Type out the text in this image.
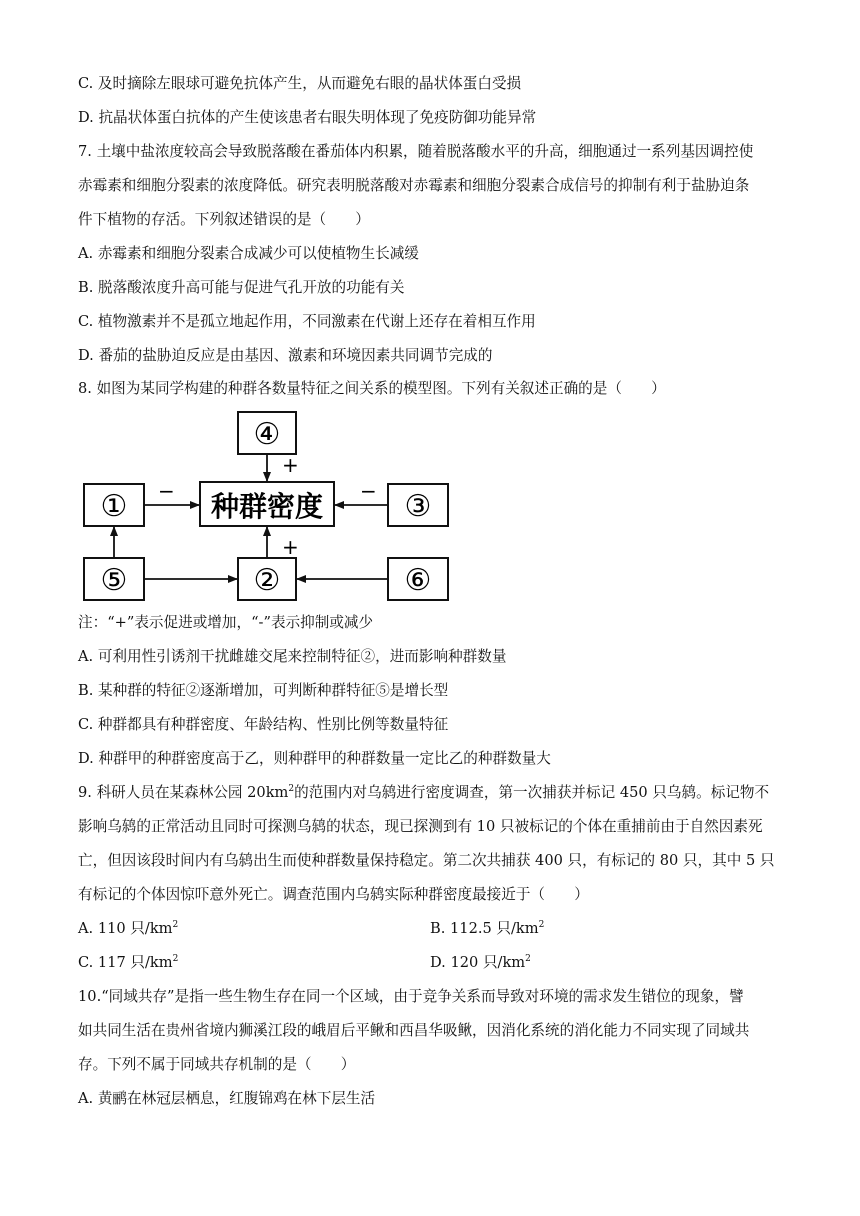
C. 及时摘除左眼球可避免抗体产生，从而避免右眼的晶状体蛋白受损
D. 抗晶状体蛋白抗体的产生使该患者右眼失明体现了免疫防御功能异常
7. 土壤中盐浓度较高会导致脱落酸在番茄体内积累，随着脱落酸水平的升高，细胞通过一系列基因调控使
赤霉素和细胞分裂素的浓度降低。研究表明脱落酸对赤霉素和细胞分裂素合成信号的抑制有利于盐胁迫条
件下植物的存活。下列叙述错误的是（　　）
A. 赤霉素和细胞分裂素合成减少可以使植物生长减缓
B. 脱落酸浓度升高可能与促进气孔开放的功能有关
C. 植物激素并不是孤立地起作用，不同激素在代谢上还存在着相互作用
D. 番茄的盐胁迫反应是由基因、激素和环境因素共同调节完成的
8. 如图为某同学构建的种群各数量特征之间关系的模型图。下列有关叙述正确的是（　　）
④
种群密度
①	③
⑤	②	⑥
+
+
−	−
注：“+”表示促进或增加，“-”表示抑制或减少
A. 可利用性引诱剂干扰雌雄交尾来控制特征②，进而影响种群数量
B. 某种群的特征②逐渐增加，可判断种群特征⑤是增长型
C. 种群都具有种群密度、年龄结构、性别比例等数量特征
D. 种群甲的种群密度高于乙，则种群甲的种群数量一定比乙的种群数量大
9. 科研人员在某森林公园 $20km^2$的范围内对乌鸫进行密度调查，第一次捕获并标记 450 只乌鸫。标记物不
影响乌鸫的正常活动且同时可探测乌鸫的状态，现已探测到有 10 只被标记的个体在重捕前由于自然因素死
亡，但因该段时间内有乌鸫出生而使种群数量保持稳定。第二次共捕获 400 只，有标记的 80 只，其中 5 只
有标记的个体因惊吓意外死亡。调查范围内乌鸫实际种群密度最接近于（　　）
A. 110 只$/km^2$	B. 112.5 只$/km^2$
C. 117 只$/km^2$	D. 120 只$/km^2$
10.“同域共存”是指一些生物生存在同一个区域，由于竞争关系而导致对环境的需求发生错位的现象，譬
如共同生活在贵州省境内狮溪江段的峨眉后平鳅和西昌华吸鳅，因消化系统的消化能力不同实现了同域共
存。下列不属于同域共存机制的是（　　）
A. 黄鹂在林冠层栖息，红腹锦鸡在林下层生活
